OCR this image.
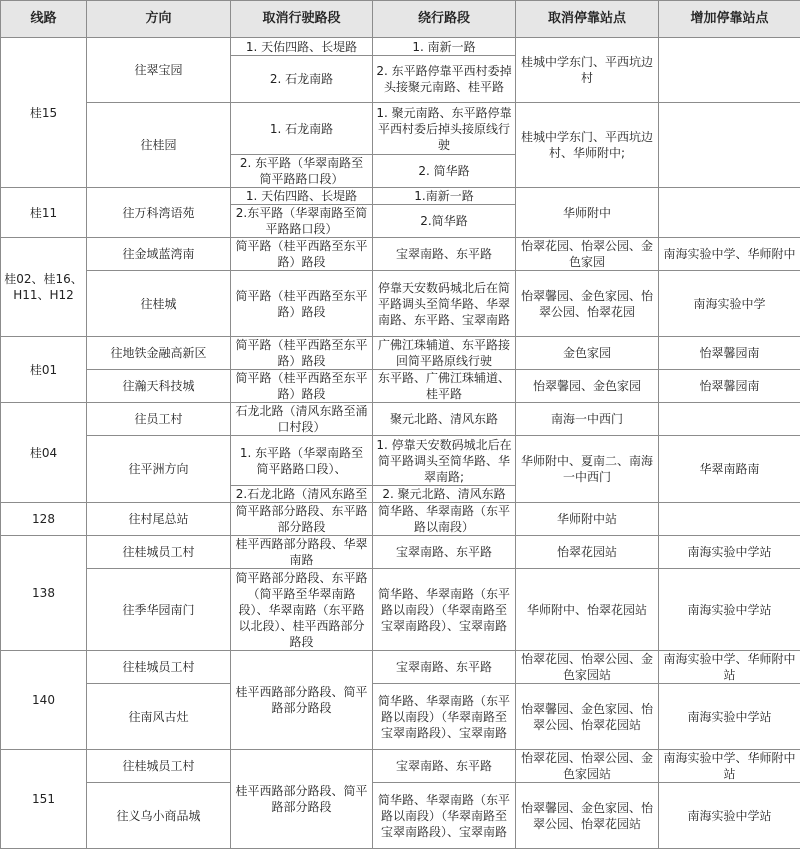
线路	方向	取消行驶路段	绕行路段	取消停靠站点	增加停靠站点
桂15	往翠宝园	1. 天佑四路、长堤路	1. 南新一路	桂城中学东门、平西坑边村	
		2. 石龙南路	2. 东平路停靠平西村委掉头接聚元南路、桂平路		
	往桂园	1. 石龙南路	1. 聚元南路、东平路停靠平西村委后掉头接原线行驶	桂城中学东门、平西坑边村、华师附中;	
		2. 东平路（华翠南路至简平路路口段）	2. 简华路		
桂11	往万科湾语苑	1. 天佑四路、长堤路	1.南新一路	华师附中	
		2.东平路（华翠南路至简平路路口段）	2.简华路		
桂02、桂16、H11、H12	往金域蓝湾南	简平路（桂平西路至东平路）路段	宝翠南路、东平路	怡翠花园、怡翠公园、金色家园	南海实验中学、华师附中
	往桂城	简平路（桂平西路至东平路）路段	停靠天安数码城北后在简平路调头至简华路、华翠南路、东平路、宝翠南路	怡翠馨园、金色家园、怡翠公园、怡翠花园	南海实验中学
桂01	往地铁金融高新区	简平路（桂平西路至东平路）路段	广佛江珠辅道、东平路接回简平路原线行驶	金色家园	怡翠馨园南
	往瀚天科技城	简平路（桂平西路至东平路）路段	东平路、广佛江珠辅道、桂平路	怡翠馨园、金色家园	怡翠馨园南
桂04	往员工村	石龙北路（清风东路至涌口村段）	聚元北路、清风东路	南海一中西门	
	往平洲方向	1. 东平路（华翠南路至简平路路口段）、	1. 停靠天安数码城北后在简平路调头至简华路、华翠南路;	华师附中、夏南二、南海一中西门	华翠南路南
		2.石龙北路（清风东路至	2. 聚元北路、清风东路		
128	往村尾总站	简平路部分路段、东平路部分路段	简华路、华翠南路（东平路以南段）	华师附中站	
138	往桂城员工村	桂平西路部分路段、华翠南路	宝翠南路、东平路	怡翠花园站	南海实验中学站
	往季华园南门	简平路部分路段、东平路（简平路至华翠南路段）、华翠南路（东平路以北段）、桂平西路部分路段	简华路、华翠南路（东平路以南段）（华翠南路至宝翠南路段）、宝翠南路	华师附中、怡翠花园站	南海实验中学站
140	往桂城员工村	桂平西路部分路段、简平路部分路段	宝翠南路、东平路	怡翠花园、怡翠公园、金色家园站	南海实验中学、华师附中站
	往南风古灶		简华路、华翠南路（东平路以南段）（华翠南路至宝翠南路段）、宝翠南路	怡翠馨园、金色家园、怡翠公园、怡翠花园站	南海实验中学站
151	往桂城员工村	桂平西路部分路段、简平路部分路段	宝翠南路、东平路	怡翠花园、怡翠公园、金色家园站	南海实验中学、华师附中站
	往义乌小商品城		简华路、华翠南路（东平路以南段）（华翠南路至宝翠南路段）、宝翠南路	怡翠馨园、金色家园、怡翠公园、怡翠花园站	南海实验中学站
